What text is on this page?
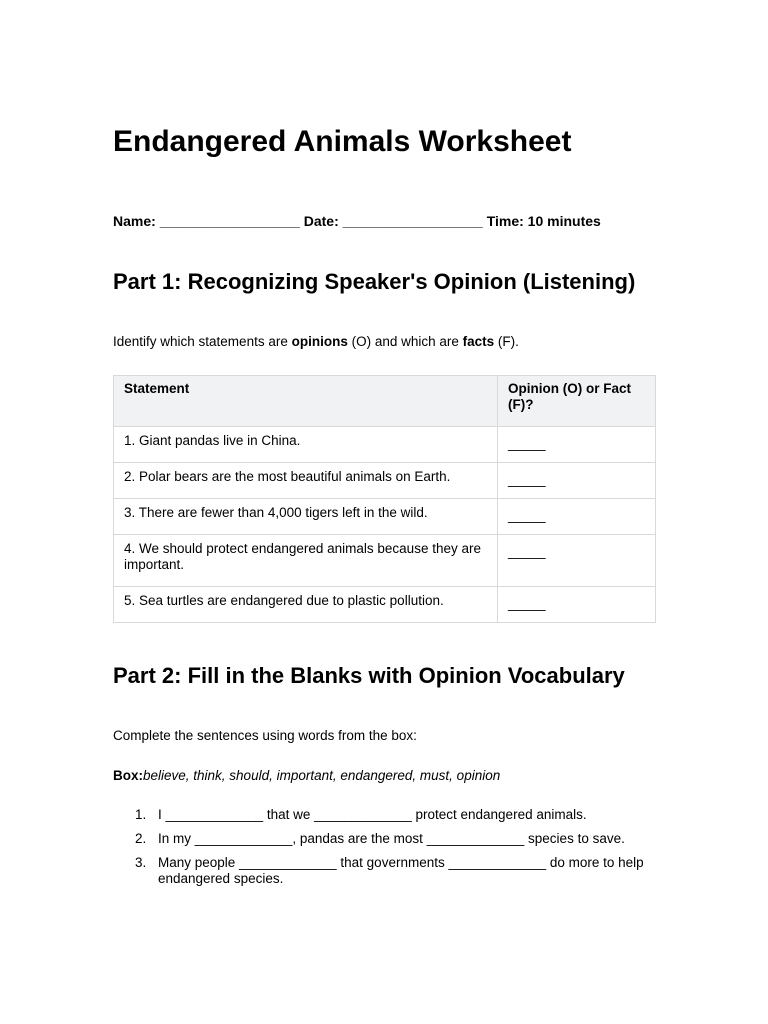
Endangered Animals Worksheet
Name: __________________ Date: __________________ Time: 10 minutes
Part 1: Recognizing Speaker's Opinion (Listening)
Identify which statements are opinions (O) and which are facts (F).
Statement	Opinion (O) or Fact (F)?
1. Giant pandas live in China.	_____
2. Polar bears are the most beautiful animals on Earth.	_____
3. There are fewer than 4,000 tigers left in the wild.	_____
4. We should protect endangered animals because they are important.	_____
5. Sea turtles are endangered due to plastic pollution.	_____
Part 2: Fill in the Blanks with Opinion Vocabulary
Complete the sentences using words from the box:
Box:believe, think, should, important, endangered, must, opinion
1. I _____________ that we _____________ protect endangered animals.
2. In my _____________, pandas are the most _____________ species to save.
3. Many people _____________ that governments _____________ do more to help endangered species.
